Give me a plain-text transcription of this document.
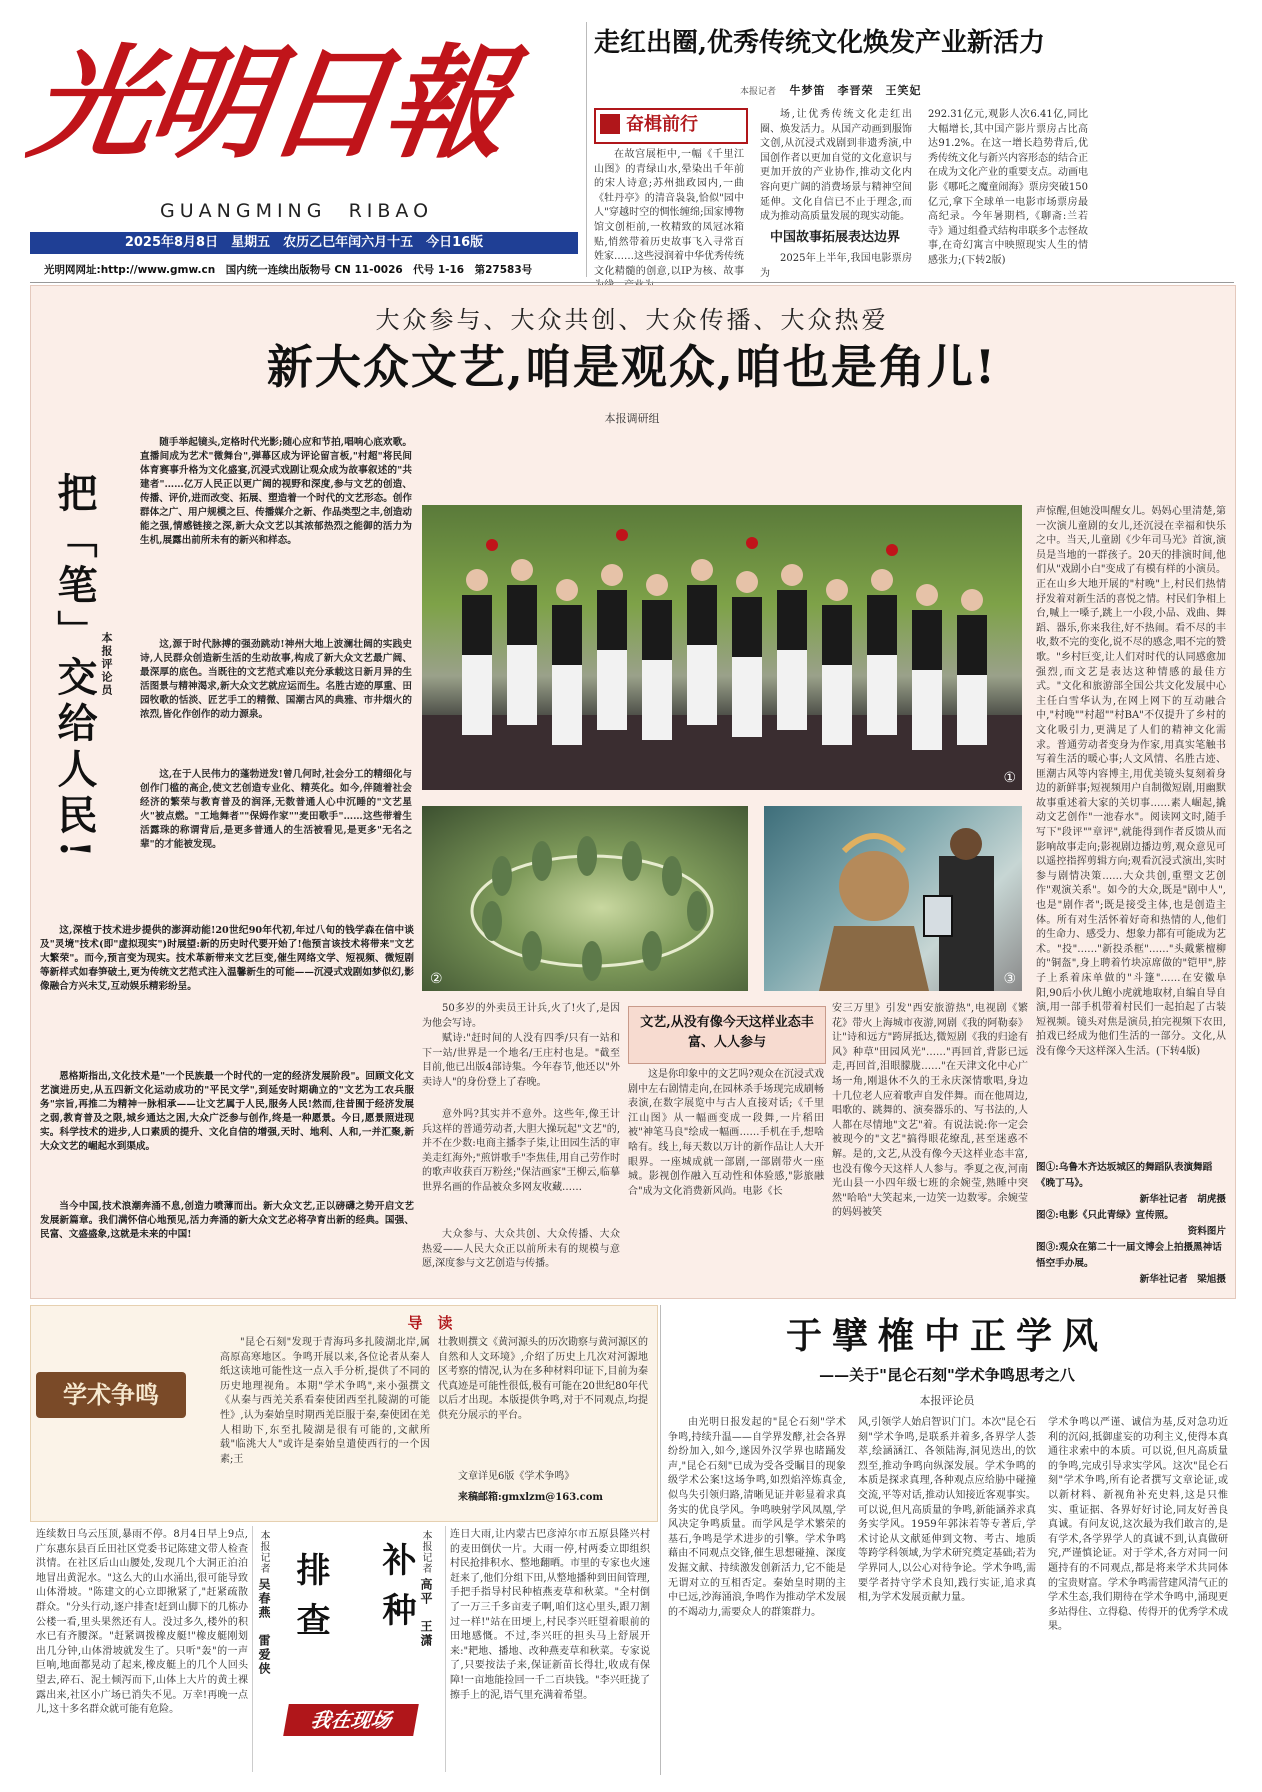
光明日報
GUANGMING  RIBAO
2025年8月8日　星期五　农历乙巳年闰六月十五　今日16版
光明网网址:http://www.gmw.cn　国内统一连续出版物号 CN 11-0026　代号 1-16　第27583号
走红出圈,优秀传统文化焕发产业新活力
本报记者 牛梦笛　李晋荣　王笑妃
奋楫前行
在故宫展柜中,一幅《千里江山图》的青绿山水,晕染出千年前的宋人诗意;苏州拙政园内,一曲《牡丹亭》的清音袅袅,恰似"园中人"穿越时空的惆怅缠绵;国家博物馆文创柜前,一枚精致的凤冠冰箱贴,悄然带着历史故事飞入寻常百姓家……这些浸润着中华优秀传统文化精髓的创意,以IP为核、故事
场,让优秀传统文化走红出圈、焕发活力。从国产动画到服饰文创,从沉浸式戏剧到非遗秀演,中国创作者以更加自觉的文化意识与更加开放的产业协作,推动文化内容向更广阔的消费场景与精神空间延伸。文化自信已不止于理念,而成为推动高质量发展的现实动能。
中国故事拓展表达边界
2025年上半年,我国电影票房为
292.31亿元,观影人次6.41亿,同比大幅增长,其中国产影片票房占比高达91.2%。在这一增长趋势背后,优秀传统文化与新兴内容形态的结合正在成为文化产业的重要支点。动画电影《哪吒之魔童闹海》票房突破150亿元,拿下全球单一电影市场票房最高纪录。今年暑期档,《聊斋:兰若寺》通过组叠式结构串联多个志怪故事,在奇幻寓言中映照现实人生的情感张力;(下转2版)
大众参与、大众共创、大众传播、大众热爱
新大众文艺,咱是观众,咱也是角儿!
本报调研组
随手举起镜头,定格时代光影;随心应和节拍,唱响心底欢歌。直播间成为艺术"微舞台",弹幕区成为评论留言板,"村超"将民间体育赛事升格为文化盛宴,沉浸式戏剧让观众成为故事叙述的"共建者"……亿万人民正以更广阔的视野和深度,参与文艺的创造、传播、评价,进而改变、拓展、塑造着一个时代的文艺形态。创作群体之广、用户规模之巨、传播媒介之新、作品类型之丰,创造动能之强,情感链接之深,新大众文艺以其浓郁热烈之能御的活力为生机,展露出前所未有的新兴和样态。
这,源于时代脉搏的强劲跳动!神州大地上波澜壮阔的实践史诗,人民群众创造新生活的生动故事,构成了新大众文艺最广阔、最深厚的底色。当既往的文艺范式难以充分承载这日新月异的生活图景与精神渴求,新大众文艺就应运而生。名胜古迹的厚重、田园牧歌的恬淡、匠艺手工的精微、国潮古风的典雅、市井烟火的浓烈,皆化作创作的动力源泉。
这,在于人民伟力的蓬勃迸发!曾几何时,社会分工的精细化与创作门槛的高企,使文艺创造专业化、精英化。如今,伴随着社会经济的繁荣与教育普及的润泽,无数普通人心中沉睡的"文艺星火"被点燃。"工地舞者""保姆作家""麦田歌手"……这些带着生活露珠的称谓背后,是更多普通人的生活被看见,是更多"无名之辈"的才能被发现。
把「笔」交给人民! 本报评论员
这,深植于技术进步提供的澎湃动能!20世纪90年代初,年过八旬的钱学森在信中谈及"灵境"技术(即"虚拟现实")时展望:新的历史时代要开始了!他预言该技术将带来"文艺大繁荣"。而今,预言变为现实。技术革新带来文艺巨变,催生网络文学、短视频、微短剧等新样式如春笋破土,更为传统文艺范式注入温馨新生的可能——沉浸式戏剧如梦似幻,影像融合方兴未艾,互动娱乐精彩纷呈。
恩格斯指出,文化技术是"一个民族最一个时代的一定的经济发展阶段"。回顾文化文艺演进历史,从五四新文化运动成功的"平民文学",到延安时期确立的"文艺为工农兵服务"宗旨,再推二为精神一脉相承——让文艺属于人民,服务人民!然而,往昔囿于经济发展之弱,教育普及之限,城乡通达之困,大众广泛参与创作,终是一种愿景。今日,愿景照进现实。科学技术的进步,人口素质的提升、文化自信的增强,天时、地利、人和,一并汇聚,新大众文艺的崛起水到渠成。
当今中国,技术浪潮奔涌不息,创造力喷薄而出。新大众文艺,正以磅礴之势开启文艺发展新篇章。我们满怀信心地预见,活力奔涌的新大众文艺必将孕育出新的经典。国强、民富、文盛盛象,这就是未来的中国!
①
②	③
50多岁的外卖员王计兵,火了!火了,是因为他会写诗。
赋诗:"赶时间的人没有四季/只有一站和下一站/世界是一个地名/王庄村也是。"截至目前,他已出版4部诗集。今年春节,他还以"外卖诗人"的身份登上了春晚。
意外吗?其实并不意外。这些年,像王计兵这样的普通劳动者,大胆大操玩起"文艺"的,并不在少数:电商主播李子柒,让田园生活的审美走红海外;"煎饼歌手"李焦佳,用自己劳作时的歌声收获百万粉丝;"保洁画家"王柳云,临摹世界名画的作品被众多网友收藏……
大众参与、大众共创、大众传播、大众热爱——人民大众正以前所未有的规模与意愿,深度参与文艺创造与传播。
文艺,从没有像今天这样业态丰富、人人参与
这是你印象中的文艺吗?观众在沉浸式戏剧中左右剧情走向,在园林杀手场现完成刷畅表演,在数字展览中与古人直接对话;《千里江山图》从一幅画变成一段舞,一片稻田被"神笔马良"绘成一幅画……手机在手,想啥啥有。线上,每天数以万计的新作品让人大开眼界。一座城成就一部剧,一部剧带火一座城。影视创作融入互动性和体验感,"影旅融合"成为文化消费新风尚。电影《长
安三万里》引发"西安旅游热",电视剧《繁花》带火上海城市夜游,网剧《我的阿勒泰》让"诗和远方"跨屏抵达,微短剧《我的归途有风》种草"田园风光"……"再回首,背影已远走,再回首,泪眼朦胧……"在天津文化中心广场一角,刚退休不久的王永庆深情歌唱,身边十几位老人应着歌声自发伴舞。而在他周边,唱歌的、跳舞的、演奏器乐的、写书法的,人人都在尽情地"文艺"着。有说法说:你一定会被现今的"文艺"搞得眼花缭乱,甚至迷惑不解。是的,文艺,从没有像今天这样业态丰富,也没有像今天这样人人参与。季夏之夜,河南光山县一小四年级七班的余婉莹,熟睡中突然"哈哈"大笑起来,一边笑一边数零。余婉莹的妈妈被笑
声惊醒,但她没叫醒女儿。妈妈心里清楚,第一次演儿童剧的女儿,还沉浸在幸福和快乐之中。当天,儿童剧《少年司马光》首演,演员是当地的一群孩子。20天的排演时间,他们从"戏剧小白"变成了有模有样的小演员。正在山乡大地开展的"村晚"上,村民们热情抒发着对新生活的喜悦之情。村民们争相上台,喊上一嗓子,跳上一小段,小品、戏曲、舞蹈、器乐,你来我往,好不热闹。看不尽的丰收,数不完的变化,说不尽的感念,唱不完的赞歌。"乡村巨变,让人们对时代的认同感愈加强烈,而文艺是表达这种情感的最佳方式。"文化和旅游部全国公共文化发展中心主任白雪华认为,在网上网下的互动融合中,"村晚""村超""村BA"不仅提升了乡村的文化吸引力,更满足了人们的精神文化需求。普通劳动者变身为作家,用真实笔触书写着生活的暖心事;人文风情、名胜古迹、匪潮古风等内容博主,用优美镜头复刻着身边的新鲜事;短视频用户自制微短剧,用幽默故事重述着大家的关切事……素人崛起,撬动文艺创作"一池春水"。阅读网文时,随手写下"段评""章评",就能得到作者反馈从而影响故事走向;影视剧边播边剪,观众意见可以遥控指挥剪辑方向;观看沉浸式演出,实时参与剧情决策……大众共创,重塑文艺创作"观演关系"。如今的大众,既是"剧中人",也是"剧作者";既是接受主体,也是创造主体。所有对生活怀着好奇和热情的人,他们的生命力、感受力、想象力都有可能成为艺术。"投"……"新投杀框"……"头戴紫檀柳的"铜盔",身上聘着竹块凉席做的"铠甲",脖子上系着床单做的"斗篷"……在安徽阜阳,90后小伙儿鲍小虎就地取材,自编自导自演,用一部手机带着村民们一起拍起了古装短视频。镜头对焦是演员,拍完视频下农田,拍戏已经成为他们生活的一部分。文化,从没有像今天这样深入生活。(下转4版)
图①:乌鲁木齐达坂城区的舞蹈队表演舞蹈《晚丁马》。
新华社记者　胡虎摄
图②:电影《只此青绿》宣传照。
资料图片
图③:观众在第二十一届文博会上拍摄黑神话悟空手办展。
新华社记者　梁旭摄
学术争鸣
导　读
"昆仑石刻"发现于青海玛多扎陵湖北岸,属高原高寒地区。争鸣开展以来,各位论者从秦人纸这读地可能性这一点入手分析,提供了不同的历史地理视角。本期"学术争鸣",来小强撰文《从秦与西羌关系看秦使团西至扎陵湖的可能性》,认为秦始皇时期西羌臣服于秦,秦使团在羌人相助下,东至扎陵湖是很有可能的,文献所载"临洮大人"或许是秦始皇遣使西行的一个因素;王
壮教则撰文《黄河源头的历次勘察与黄河源区的自然和人文环境》,介绍了历史上几次对河源地区考察的情况,认为在多种材料印证下,目前为秦代真迹是可能性很低,极有可能在20世纪80年代以后才出现。本版提供争鸣,对于不同观点,均提供充分展示的平台。
文章详见6版《学术争鸣》
来稿邮箱:gmxlzm@163.com
于擘榷中正学风
——关于"昆仑石刻"学术争鸣思考之八
本报评论员
由光明日报发起的"昆仑石刻"学术争鸣,持续升温——自学界发酵,社会各界纷纷加入,如今,遂因外汉学界也睹踊发声,"昆仑石刻"已成为受各受瞩目的现象级学术公案!这场争鸣,如烈焰淬炼真金,似鸟失引领归路,清晰见证并彰显着求真务实的优良学风。争鸣映射学风凤凰,学风决定争鸣质量。而学风是学术繁荣的基石,争鸣是学术进步的引擎。学术争鸣藉由不同观点交锋,催生思想碰撞、深度发掘文献、持续激发创新活力,它不能是无谓对立的互相否定。秦始皇时期的主中已远,沙海涌浪,争鸣作为推动学术发展的不竭动力,需要众人的群策群力。
风,引领学人始启智识门门。本次"昆仑石刻"学术争鸣,是联系并着多,各界学人荟萃,绘涵涵江、各领陆海,洞见迭出,的饮烈至,推动争鸣向纵深发展。学术争鸣的本质是探求真理,各种观点应给胁中碰撞交流,平等对话,推动认知接近客观事实。可以说,但凡高质量的争鸣,新能涵养求真务实学风。1959年郭沫若等专著后,学术讨论从文献延伸到文物、考古、地质等跨学科领域,为学术研究奠定基础;若为学界同人,以公心对待争论。学术争鸣,需要学者持守学术良知,践行实证,追求真相,为学术发展贡献力量。
学术争鸣以严谨、诚信为基,反对急功近利的沉闷,抵御虚妄的功利主义,使得本真通往求索中的本质。可以说,但凡高质量的争鸣,完成引导求实学风。这次"昆仑石刻"学术争鸣,所有论者撰写文章论证,或以新材料、新视角补充史料,这是只惟实、重证据、各界好好讨论,同友好善良真诚。有问友说,这次最为我们敢言的,是有学术,各学界学人的真诚不到,认真做研究,严谨慎论证。对于学术,各方对同一问题持有的不同观点,都是将来学术共同体的宝贵财富。学术争鸣需营建风清气正的学术生态,我们期待在学术争鸣中,涌现更多站得住、立得稳、传得开的优秀学术成果。
连续数日乌云压顶,暴雨不停。8月4日早上9点,广东惠东县百丘田社区党委书记陈建文带人检查洪情。在社区后山山腰处,发现几个大洞正泊泊地冒出黄泥水。"这么大的山水涌出,很可能导致山体滑坡。"陈建文的心立即揪紧了,"赶紧疏散群众。"分头行动,逐户排查!赶到山脚下的几栋办公楼一看,里头果然还有人。没过多久,楼外的积水已有齐腰深。"赶紧调拨橡皮艇!"橡皮艇刚划出几分钟,山体滑坡就发生了。只听"轰"的一声巨响,地面都晃动了起来,橡皮艇上的几个人回头望去,碎石、泥土倾泻而下,山体上大片的黄土裸露出来,社区小广场已消失不见。万幸!再晚一点儿,这十多名群众就可能有危险。
本报记者
吴春燕　雷爱侠 排查	本报记者
高平　王潇
补种
我在现场
连日大雨,让内蒙古巴彦淖尔市五原县隆兴村的麦田倒伏一片。大雨一停,村两委立即组织村民抢排积水、整地翻晒。市里的专家也火速赶来了,他们分组下田,从整地播种到田间管理,手把手指导村民种植燕麦草和秋菜。"全村倒了一万三千多亩麦子啊,咱们这心里头,跟刀割过一样!"站在田埂上,村民李兴旺望着眼前的田地感慨。不过,李兴旺的担头马上舒展开来:"耙地、播地、改种燕麦草和秋菜。专家说了,只要按法子来,保证新苗长得壮,收成有保障!一亩地能捡回一千二百块钱。"李兴旺拢了擦手上的泥,语气里充满着希望。
